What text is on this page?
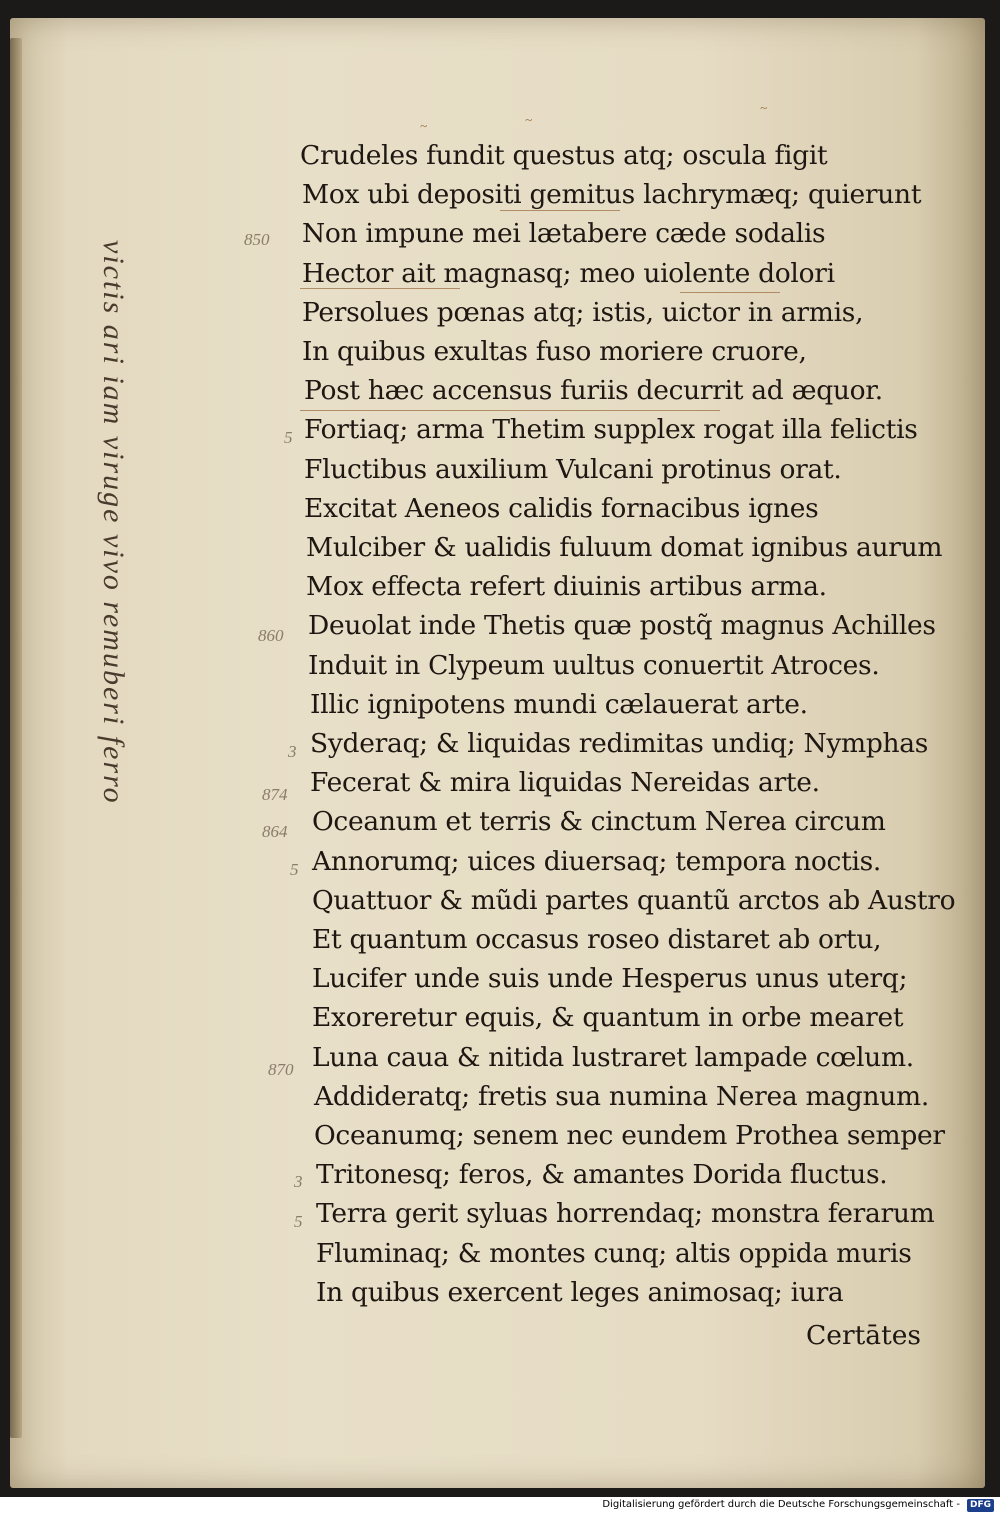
victis ari iam viruge vivo remuberi ferro
~	~
~
850
5
860
3
874
864
5
870
3
5
Crudeles fundit questus atq; oscula figit
Mox ubi depositi gemitus lachrymæq; quierunt
Non impune mei lætabere cæde sodalis
Hector ait magnasq; meo uiolente dolori
Persolues pœnas atq; istis, uictor in armis,
In quibus exultas fuso moriere cruore,
Post hæc accensus furiis decurrit ad æquor.
Fortiaq; arma Thetim supplex rogat illa felictis
Fluctibus auxilium Vulcani protinus orat.
Excitat Aeneos calidis fornacibus ignes
Mulciber & ualidis fuluum domat ignibus aurum
Mox effecta refert diuinis artibus arma.
Deuolat inde Thetis quæ postq̃ magnus Achilles
Induit in Clypeum uultus conuertit Atroces.
Illic ignipotens mundi cælauerat arte.
Syderaq; & liquidas redimitas undiq; Nymphas
Fecerat & mira liquidas Nereidas arte.
Oceanum et terris & cinctum Nerea circum
Annorumq; uices diuersaq; tempora noctis.
Quattuor & mũdi partes quantũ arctos ab Austro
Et quantum occasus roseo distaret ab ortu,
Lucifer unde suis unde Hesperus unus uterq;
Exoreretur equis, & quantum in orbe mearet
Luna caua & nitida lustraret lampade cœlum.
Addideratq; fretis sua numina Nerea magnum.
Oceanumq; senem nec eundem Prothea semper
Tritonesq; feros, & amantes Dorida fluctus.
Terra gerit syluas horrendaq; monstra ferarum
Fluminaq; & montes cunq; altis oppida muris
In quibus exercent leges animosaq; iura
Certātes
Digitalisierung gefördert durch die Deutsche Forschungsgemeinschaft -	DFG
